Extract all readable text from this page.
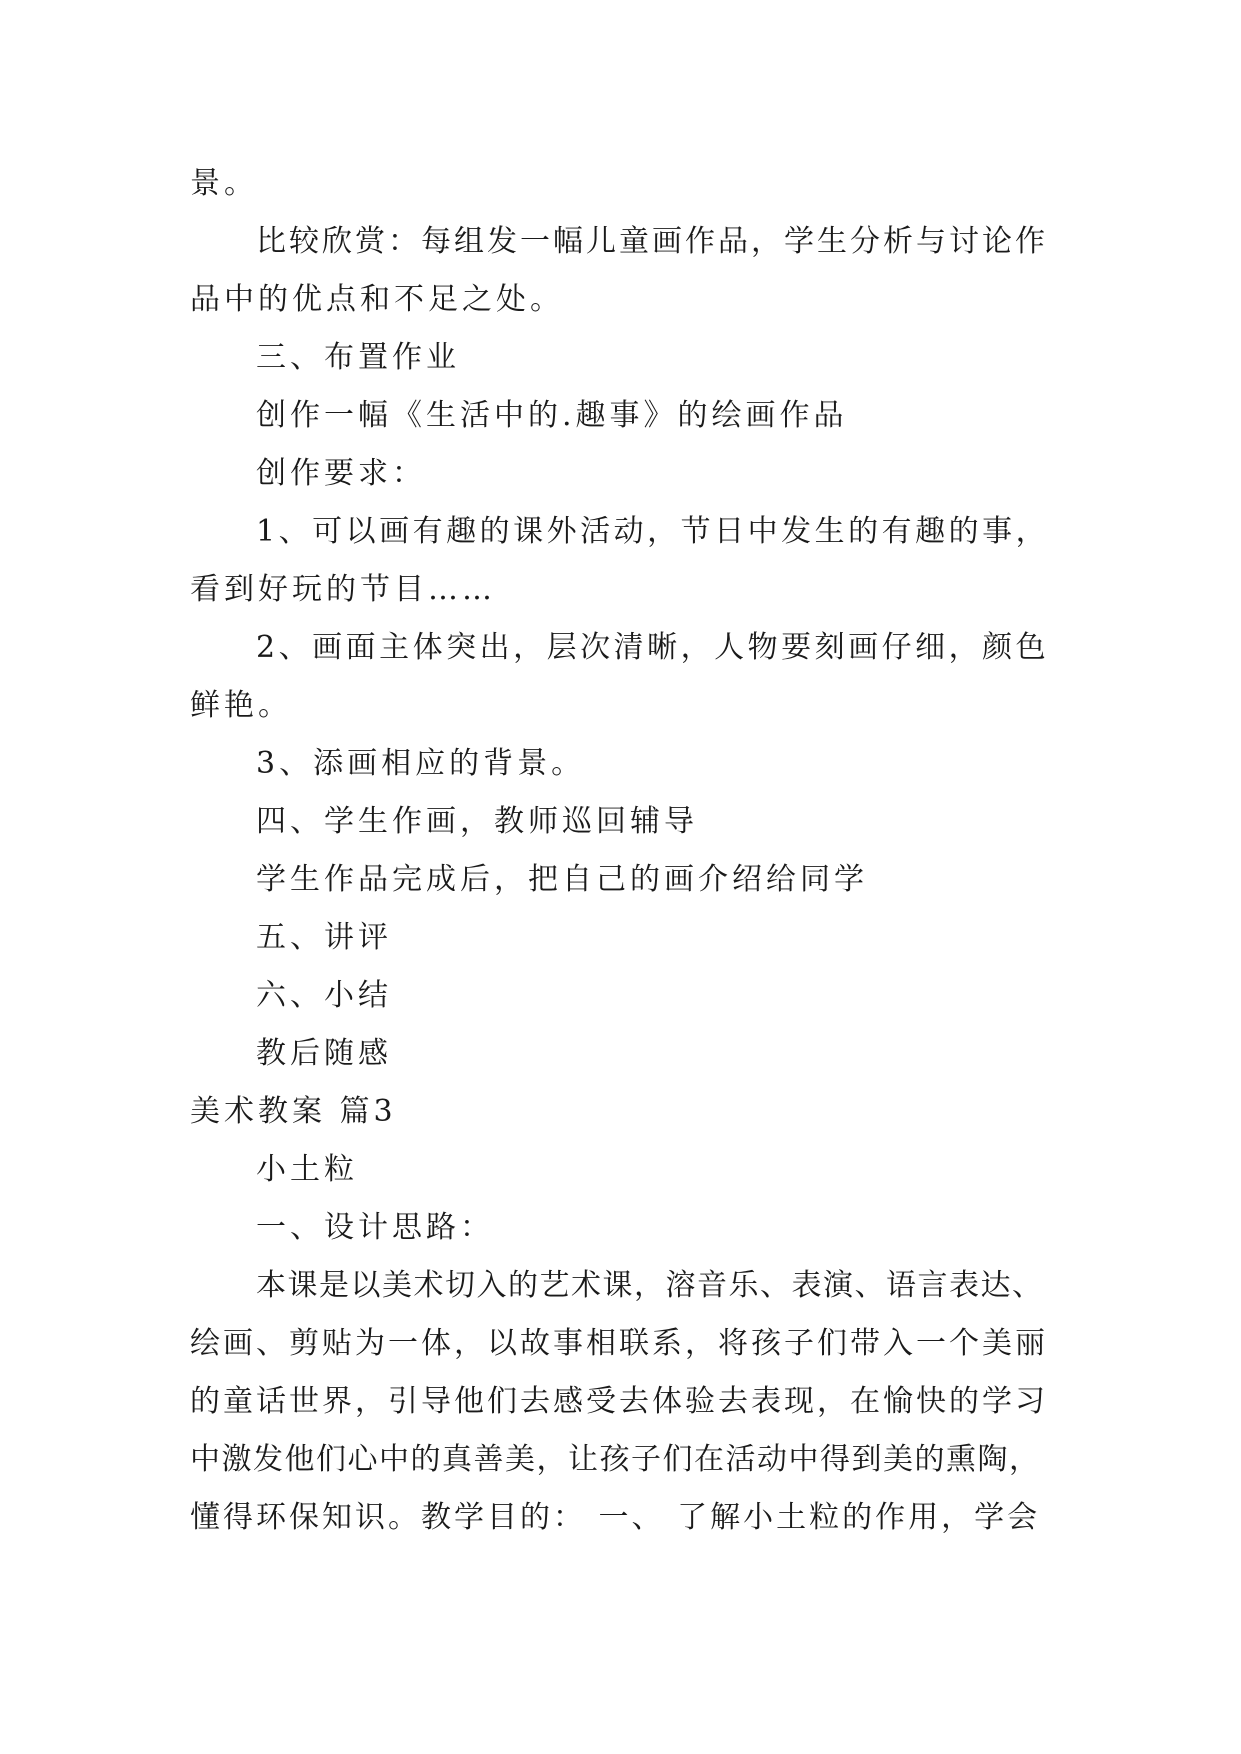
景。

比较欣赏：每组发一幅儿童画作品，学生分析与讨论作

品中的优点和不足之处。

三、布置作业

创作一幅《生活中的.趣事》的绘画作品

创作要求：

1、可以画有趣的课外活动，节日中发生的有趣的事，

看到好玩的节目……

2、画面主体突出，层次清晰，人物要刻画仔细，颜色

鲜艳。

3、添画相应的背景。

四、学生作画，教师巡回辅导

学生作品完成后，把自己的画介绍给同学

五、讲评

六、小结

教后随感

美术教案 篇3

小土粒

一、设计思路：

本课是以美术切入的艺术课，溶音乐、表演、语言表达、

绘画、剪贴为一体，以故事相联系，将孩子们带入一个美丽

的童话世界，引导他们去感受去体验去表现，在愉快的学习

中激发他们心中的真善美，让孩子们在活动中得到美的熏陶，

懂得环保知识。教学目的： 一、 了解小土粒的作用，学会
